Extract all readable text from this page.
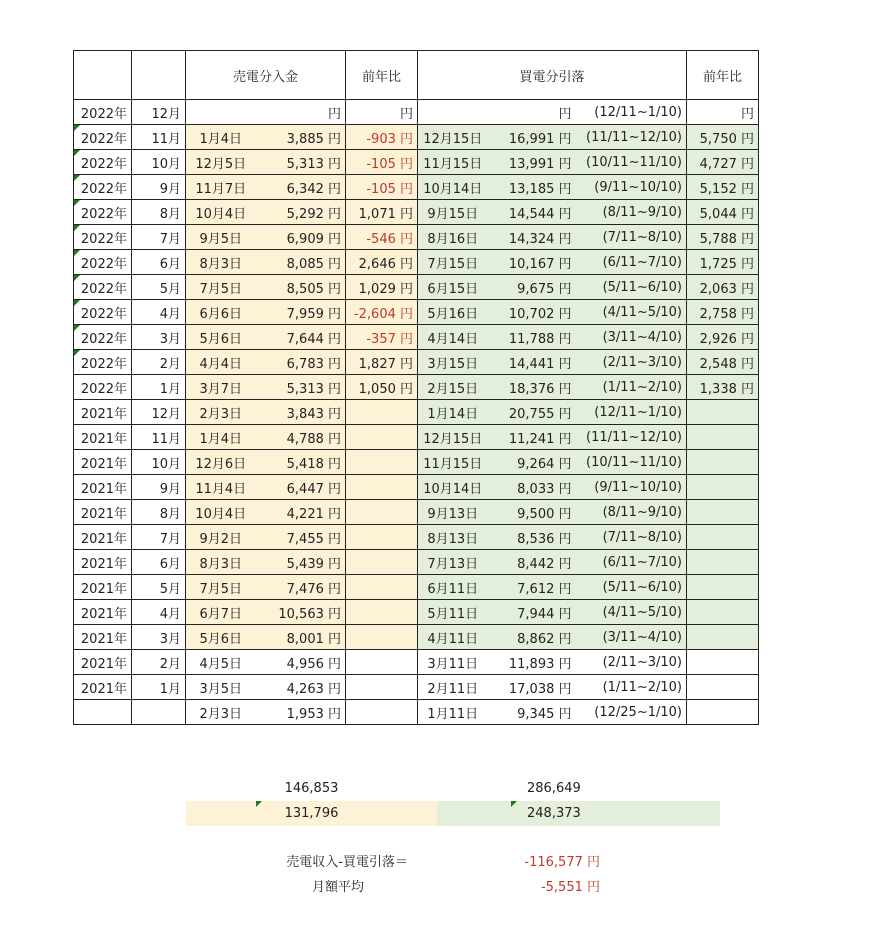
		売電分入金		前年比	買電分引落			前年比
2022年	12月		円	円		円	(12/11~1/10)	円
2022年	11月	1月4日	3,885 円	-903 円	12月15日	16,991 円	(11/11~12/10)	5,750 円
2022年	10月	12月5日	5,313 円	-105 円	11月15日	13,991 円	(10/11~11/10)	4,727 円
2022年	9月	11月7日	6,342 円	-105 円	10月14日	13,185 円	(9/11~10/10)	5,152 円
2022年	8月	10月4日	5,292 円	1,071 円	9月15日	14,544 円	(8/11~9/10)	5,044 円
2022年	7月	9月5日	6,909 円	-546 円	8月16日	14,324 円	(7/11~8/10)	5,788 円
2022年	6月	8月3日	8,085 円	2,646 円	7月15日	10,167 円	(6/11~7/10)	1,725 円
2022年	5月	7月5日	8,505 円	1,029 円	6月15日	9,675 円	(5/11~6/10)	2,063 円
2022年	4月	6月6日	7,959 円	-2,604 円	5月16日	10,702 円	(4/11~5/10)	2,758 円
2022年	3月	5月6日	7,644 円	-357 円	4月14日	11,788 円	(3/11~4/10)	2,926 円
2022年	2月	4月4日	6,783 円	1,827 円	3月15日	14,441 円	(2/11~3/10)	2,548 円
2022年	1月	3月7日	5,313 円	1,050 円	2月15日	18,376 円	(1/11~2/10)	1,338 円
2021年	12月	2月3日	3,843 円		1月14日	20,755 円	(12/11~1/10)	
2021年	11月	1月4日	4,788 円		12月15日	11,241 円	(11/11~12/10)	
2021年	10月	12月6日	5,418 円		11月15日	9,264 円	(10/11~11/10)	
2021年	9月	11月4日	6,447 円		10月14日	8,033 円	(9/11~10/10)	
2021年	8月	10月4日	4,221 円		9月13日	9,500 円	(8/11~9/10)	
2021年	7月	9月2日	7,455 円		8月13日	8,536 円	(7/11~8/10)	
2021年	6月	8月3日	5,439 円		7月13日	8,442 円	(6/11~7/10)	
2021年	5月	7月5日	7,476 円		6月11日	7,612 円	(5/11~6/10)	
2021年	4月	6月7日	10,563 円		5月11日	7,944 円	(4/11~5/10)	
2021年	3月	5月6日	8,001 円		4月11日	8,862 円	(3/11~4/10)	
2021年	2月	4月5日	4,956 円		3月11日	11,893 円	(2/11~3/10)	
2021年	1月	3月5日	4,263 円		2月11日	17,038 円	(1/11~2/10)	
		2月3日	1,953 円		1月11日	9,345 円	(12/25~1/10)	
146,853	286,649
131,796	248,373
売電収入-買電引落＝	-116,577 円
月額平均	-5,551 円
